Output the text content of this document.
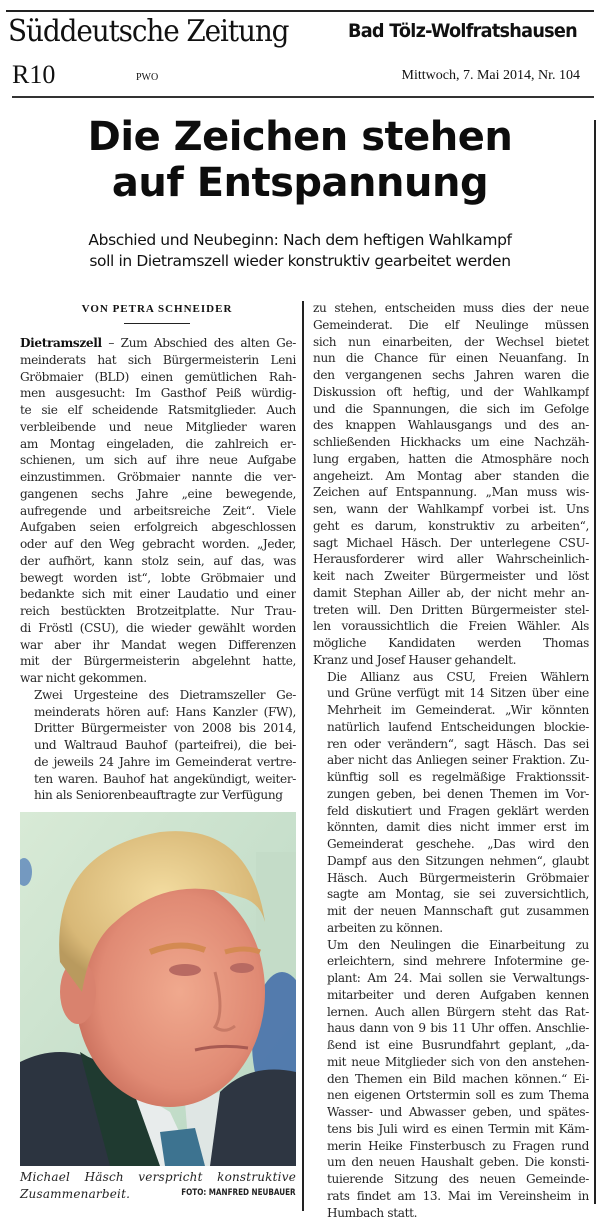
Süddeutsche Zeitung	Bad Tölz-Wolfratshausen
R10	PWO	Mittwoch, 7. Mai 2014, Nr. 104
Die Zeichen stehen
auf Entspannung
Abschied und Neubeginn: Nach dem heftigen Wahlkampf
soll in Dietramszell wieder konstruktiv gearbeitet werden
VON PETRA SCHNEIDER

Dietramszell – Zum Abschied des alten Ge-
meinderats hat sich Bürgermeisterin Leni
Gröbmaier (BLD) einen gemütlichen Rah-
men ausgesucht: Im Gasthof Peiß würdig-
te sie elf scheidende Ratsmitglieder. Auch
verbleibende und neue Mitglieder waren
am Montag eingeladen, die zahlreich er-
schienen, um sich auf ihre neue Aufgabe
einzustimmen. Gröbmaier nannte die ver-
gangenen sechs Jahre „eine bewegende,
aufregende und arbeitsreiche Zeit“. Viele
Aufgaben seien erfolgreich abgeschlossen
oder auf den Weg gebracht worden. „Jeder,
der aufhört, kann stolz sein, auf das, was
bewegt worden ist“, lobte Gröbmaier und
bedankte sich mit einer Laudatio und einer
reich bestückten Brotzeitplatte. Nur Trau-
di Fröstl (CSU), die wieder gewählt worden
war aber ihr Mandat wegen Differenzen
mit der Bürgermeisterin abgelehnt hatte,
war nicht gekommen.

Zwei Urgesteine des Dietramszeller Ge-
meinderats hören auf: Hans Kanzler (FW),
Dritter Bürgermeister von 2008 bis 2014,
und Waltraud Bauhof (parteifrei), die bei-
de jeweils 24 Jahre im Gemeinderat vertre-
ten waren. Bauhof hat angekündigt, weiter-
hin als Seniorenbeauftragte zur Verfügung

zu stehen, entscheiden muss dies der neue
Gemeinderat. Die elf Neulinge müssen
sich nun einarbeiten, der Wechsel bietet
nun die Chance für einen Neuanfang. In
den vergangenen sechs Jahren waren die
Diskussion oft heftig, und der Wahlkampf
und die Spannungen, die sich im Gefolge
des knappen Wahlausgangs und des an-
schließenden Hickhacks um eine Nachzäh-
lung ergaben, hatten die Atmosphäre noch
angeheizt. Am Montag aber standen die
Zeichen auf Entspannung. „Man muss wis-
sen, wann der Wahlkampf vorbei ist. Uns
geht es darum, konstruktiv zu arbeiten“,
sagt Michael Häsch. Der unterlegene CSU-
Herausforderer wird aller Wahrscheinlich-
keit nach Zweiter Bürgermeister und löst
damit Stephan Ailler ab, der nicht mehr an-
treten will. Den Dritten Bürgermeister stel-
len voraussichtlich die Freien Wähler. Als
mögliche Kandidaten werden Thomas
Kranz und Josef Hauser gehandelt.

Die Allianz aus CSU, Freien Wählern
und Grüne verfügt mit 14 Sitzen über eine
Mehrheit im Gemeinderat. „Wir könnten
natürlich laufend Entscheidungen blockie-
ren oder verändern“, sagt Häsch. Das sei
aber nicht das Anliegen seiner Fraktion. Zu-
künftig soll es regelmäßige Fraktionssit-
zungen geben, bei denen Themen im Vor-
feld diskutiert und Fragen geklärt werden
könnten, damit dies nicht immer erst im
Gemeinderat geschehe. „Das wird den
Dampf aus den Sitzungen nehmen“, glaubt
Häsch. Auch Bürgermeisterin Gröbmaier
sagte am Montag, sie sei zuversichtlich,
mit der neuen Mannschaft gut zusammen
arbeiten zu können.

Um den Neulingen die Einarbeitung zu
erleichtern, sind mehrere Infotermine ge-
plant: Am 24. Mai sollen sie Verwaltungs-
mitarbeiter und deren Aufgaben kennen
lernen. Auch allen Bürgern steht das Rat-
haus dann von 9 bis 11 Uhr offen. Anschlie-
ßend ist eine Busrundfahrt geplant, „da-
mit neue Mitglieder sich von den anstehen-
den Themen ein Bild machen können.“ Ei-
nen eigenen Ortstermin soll es zum Thema
Wasser- und Abwasser geben, und spätes-
tens bis Juli wird es einen Termin mit Käm-
merin Heike Finsterbusch zu Fragen rund
um den neuen Haushalt geben. Die konsti-
tuierende Sitzung des neuen Gemeinde-
rats findet am 13. Mai im Vereinsheim in
Humbach statt.

Michael Häsch verspricht konstruktive
Zusammenarbeit.	FOTO: MANFRED NEUBAUER
